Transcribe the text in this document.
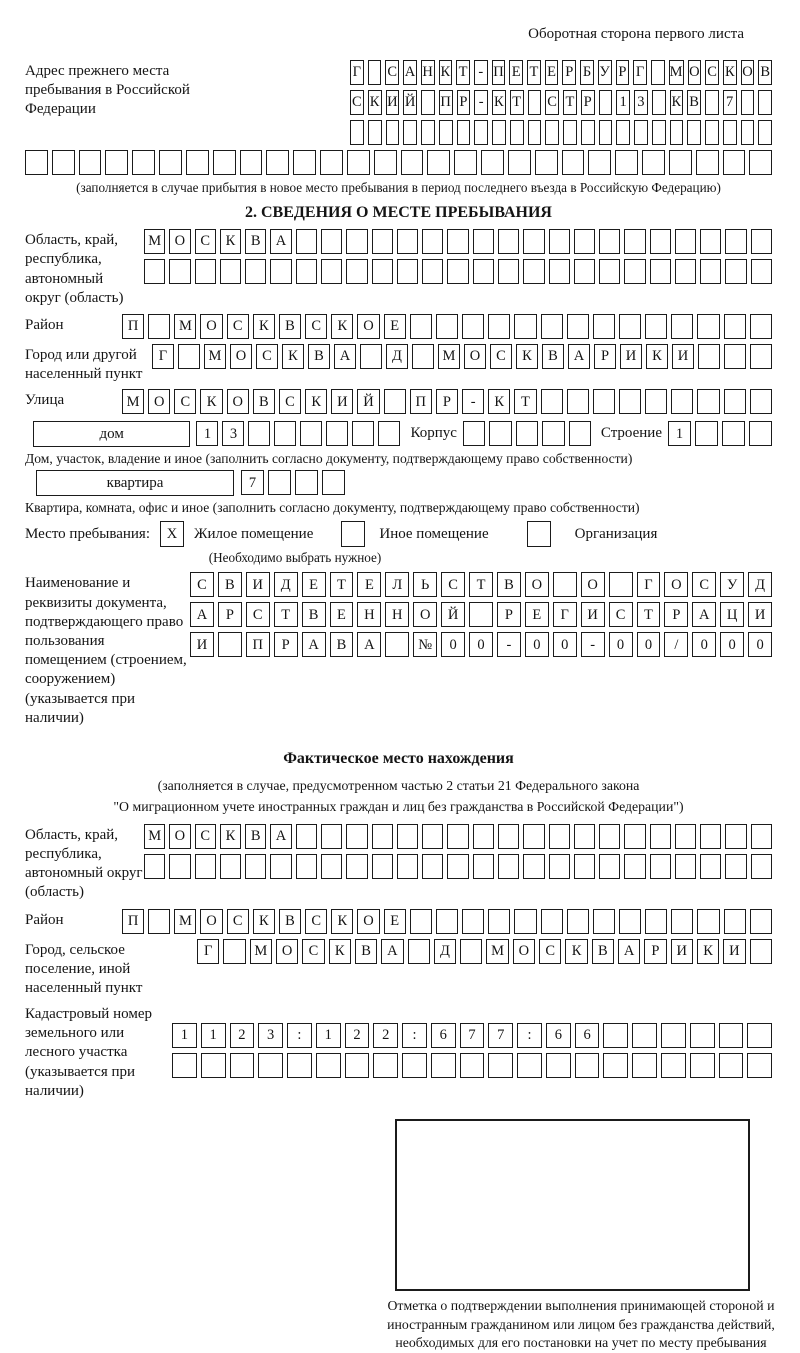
Оборотная сторона первого листа
Адрес прежнего места пребывания в Российской Федерации
Г С А Н К Т - П Е Т Е Р Б У Р Г М О С К О В
С К И Й П Р - К Т С Т Р 1 3 К В 7
(заполняется в случае прибытия в новое место пребывания в период последнего въезда в Российскую Федерацию)
2. СВЕДЕНИЯ О МЕСТЕ ПРЕБЫВАНИЯ
Область, край, республика, автономный округ (область)
М О	С	К	В	А
Район	П	М О	С	К	В	С	К	О	Е
Город или другой населенный пункт
Г	М О	С	К	В	А	Д	М О	С	К	В	А	Р	И	К	И
Улица	М О	С	К	О	В	С	К	И	Й	П	Р	-	К	Т
дом	1	3	Корпус	Строение 1
Дом, участок, владение и иное (заполнить согласно документу, подтверждающему право собственности)
квартира	7
Квартира, комната, офис и иное (заполнить согласно документу, подтверждающему право собственности)
Место пребывания:	X	Жилое помещение	Иное помещение	Организация
(Необходимо выбрать нужное)
Наименование и реквизиты документа, подтверждающего право пользования помещением (строением, сооружением) (указывается при наличии)
С	В	И	Д	Е	Т	Е	Л	Ь	С	Т	В	О	О	Г	О	С	У	Д
А	Р	С	Т	В	Е	Н	Н	О	Й	Р	Е	Г	И	С	Т	Р	А	Ц	И
И	П	Р	А	В	А	№	0	0	-	0	0	-	0	0	/	0	0	0
Фактическое место нахождения
(заполняется в случае, предусмотренном частью 2 статьи 21 Федерального закона
"О миграционном учете иностранных граждан и лиц без гражданства в Российской Федерации")
Область, край, республика, автономный округ (область)
М О	С	К	В	А
Район	П	М О	С	К	В	С	К	О	Е
Город, сельское поселение, иной населенный пункт
Г	М	О	С	К	В	А	Д	М	О	С	К	В	А	Р	И	К	И
Кадастровый номер земельного или лесного участка (указывается при наличии)
1	1	2	3	:	1	2	2	:	6	7	7	:	6	6
Отметка о подтверждении выполнения принимающей стороной и иностранным гражданином или лицом без гражданства действий, необходимых для его постановки на учет по месту пребывания
